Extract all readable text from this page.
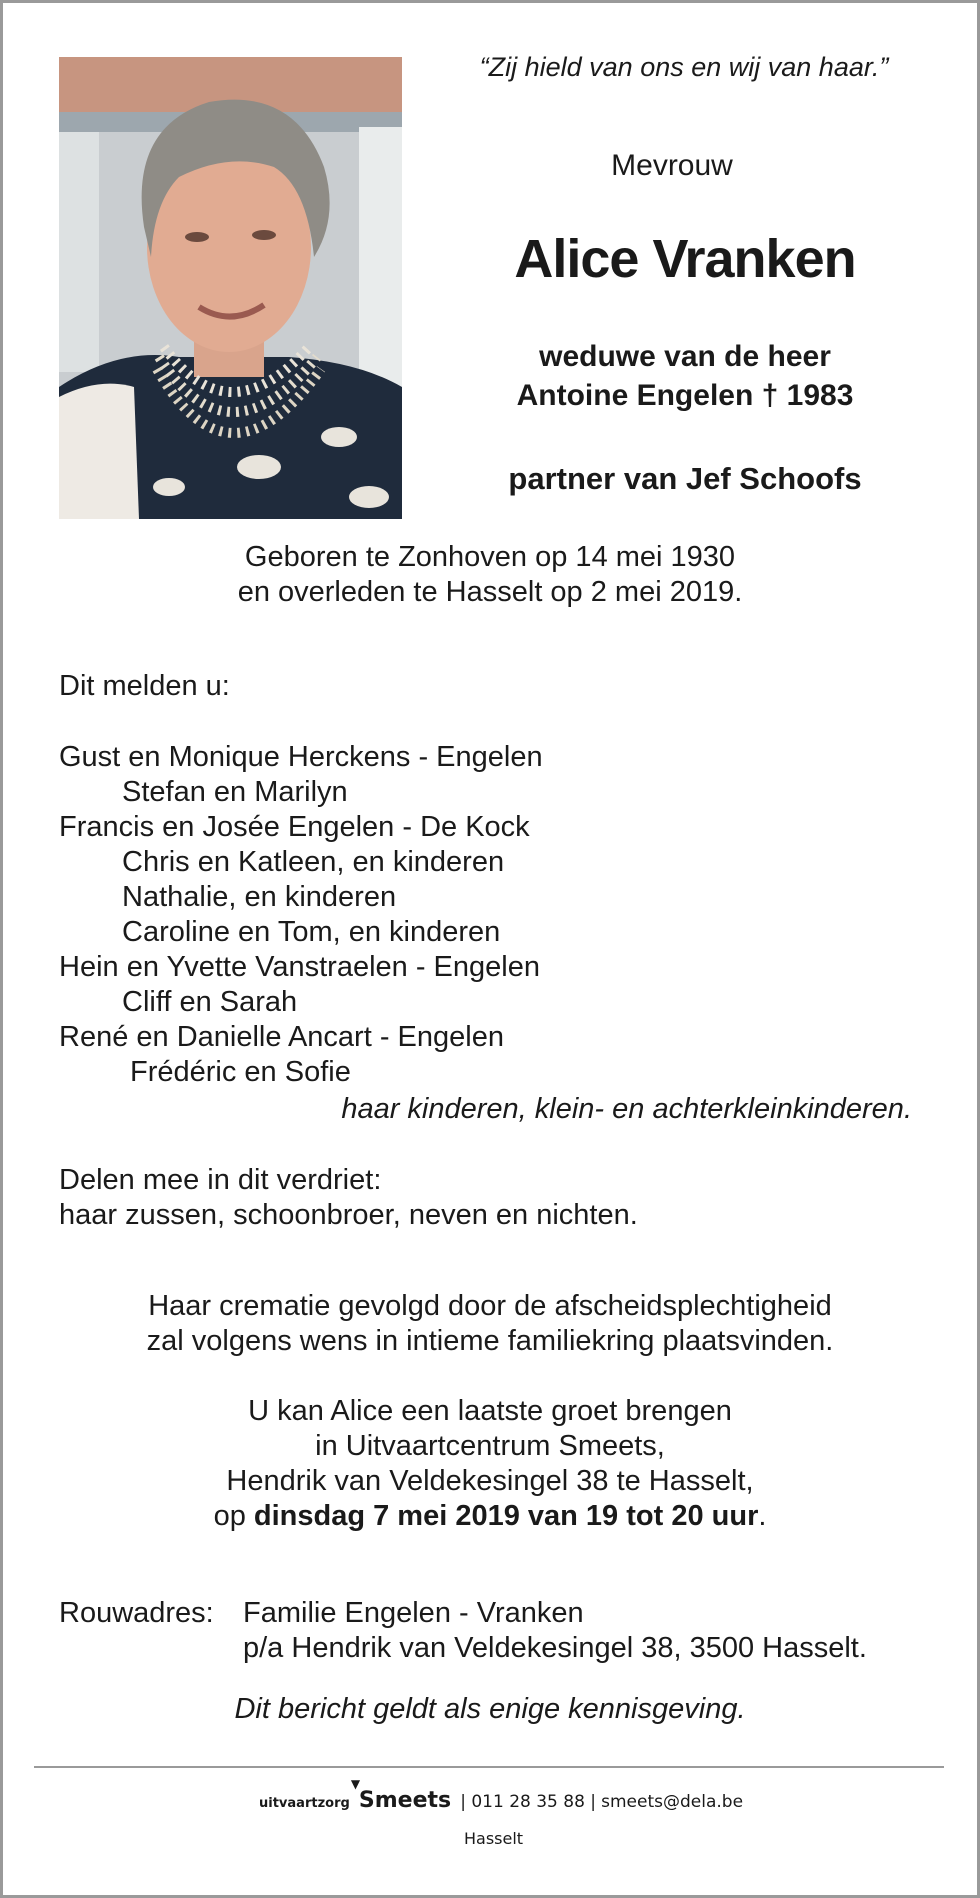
“Zij hield van ons en wij van haar.”
Mevrouw
Alice Vranken
weduwe van de heer
Antoine Engelen † 1983
partner van Jef Schoofs
Geboren te Zonhoven op 14 mei 1930
en overleden te Hasselt op 2 mei 2019.
Dit melden u:
Gust en Monique Herckens - Engelen
Stefan en Marilyn
Francis en Josée Engelen - De Kock
Chris en Katleen, en kinderen
Nathalie, en kinderen
Caroline en Tom, en kinderen
Hein en Yvette Vanstraelen - Engelen
Cliff en Sarah
René en Danielle Ancart - Engelen
Frédéric en Sofie
haar kinderen, klein- en achterkleinkinderen.
Delen mee in dit verdriet:
haar zussen, schoonbroer, neven en nichten.
Haar crematie gevolgd door de afscheidsplechtigheid
zal volgens wens in intieme familiekring plaatsvinden.
U kan Alice een laatste groet brengen
in Uitvaartcentrum Smeets,
Hendrik van Veldekesingel 38 te Hasselt,
op dinsdag 7 mei 2019 van 19 tot 20 uur.
Rouwadres: Familie Engelen - Vranken
p/a Hendrik van Veldekesingel 38, 3500 Hasselt.
Dit bericht geldt als enige kennisgeving.
uitvaartzorg
▼
Smeets | 011 28 35 88 | smeets@dela.be
Hasselt
